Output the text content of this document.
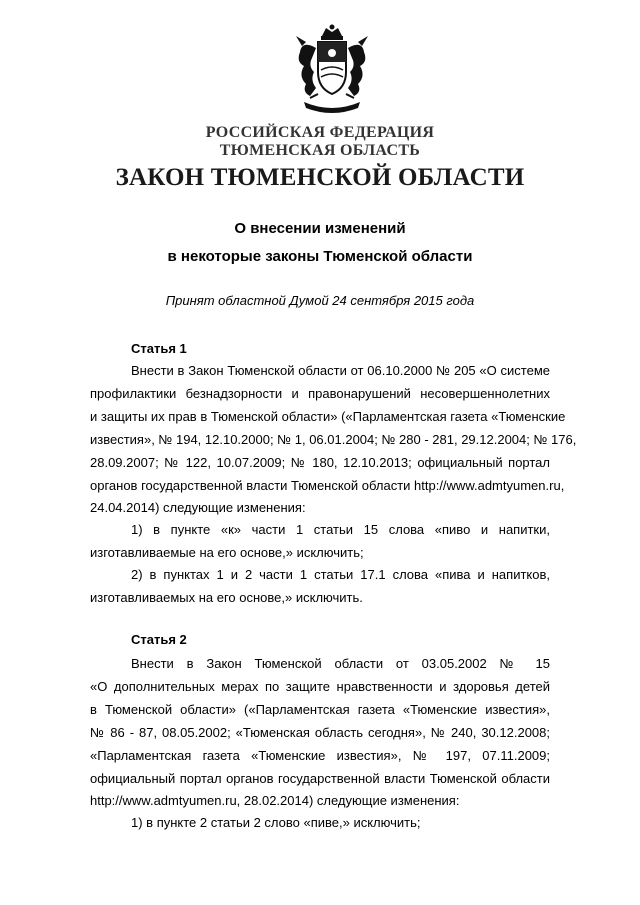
РОССИЙСКАЯ ФЕДЕРАЦИЯ
ТЮМЕНСКАЯ ОБЛАСТЬ
ЗАКОН ТЮМЕНСКОЙ ОБЛАСТИ
О внесении изменений
в некоторые законы Тюменской области
Принят областной Думой 24 сентября 2015 года
Статья 1
Внести в Закон Тюменской области от 06.10.2000 № 205 «О системе
профилактики безнадзорности и правонарушений несовершеннолетних
и защиты их прав в Тюменской области» («Парламентская газета «Тюменские
известия», № 194, 12.10.2000; № 1, 06.01.2004; № 280 - 281, 29.12.2004; № 176,
28.09.2007; № 122, 10.07.2009; № 180, 12.10.2013; официальный портал
органов государственной власти Тюменской области http://www.admtyumen.ru,
24.04.2014) следующие изменения:
1) в пункте «к» части 1 статьи 15 слова «пиво и напитки,
изготавливаемые на его основе,» исключить;
2) в пунктах 1 и 2 части 1 статьи 17.1 слова «пива и напитков,
изготавливаемых на его основе,» исключить.
Статья 2
Внести в Закон Тюменской области от 03.05.2002 № 15
«О дополнительных мерах по защите нравственности и здоровья детей
в Тюменской области» («Парламентская газета «Тюменские известия»,
№ 86 - 87, 08.05.2002; «Тюменская область сегодня», № 240, 30.12.2008;
«Парламентская газета «Тюменские известия», № 197, 07.11.2009;
официальный портал органов государственной власти Тюменской области
http://www.admtyumen.ru, 28.02.2014) следующие изменения:
1) в пункте 2 статьи 2 слово «пиве,» исключить;
